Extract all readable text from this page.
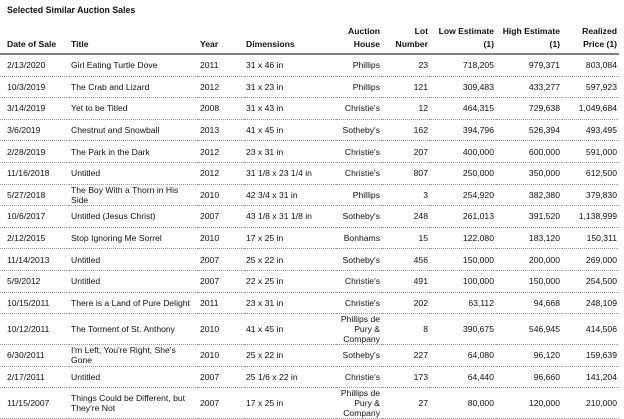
Selected Similar Auction Sales
Date of Sale	Title	Year	Dimensions	Auction House	Lot Number	Low Estimate (1)	High Estimate (1)	Realized Price (1)
2/13/2020	Girl Eating Turtle Dove	2011	31 x 46 in	Phillips	23	718,205	979,371	803,084
10/3/2019	The Crab and Lizard	2012	31 x 23 in	Phillips	121	309,483	433,277	597,923
3/14/2019	Yet to be Titled	2008	31 x 43 in	Christie's	12	464,315	729,638	1,049,684
3/6/2019	Chestnut and Snowball	2013	41 x 45 in	Sotheby's	162	394,796	526,394	493,495
2/28/2019	The Park in the Dark	2012	23 x 31 in	Christie's	207	400,000	600,000	591,000
11/16/2018	Untitled	2012	31 1/8 x 23 1/4 in	Christie's	807	250,000	350,000	612,500
5/27/2018	The Boy With a Thorn in His Side	2010	42 3/4 x 31 in	Phillips	3	254,920	382,380	379,830
10/6/2017	Untitled (Jesus Christ)	2007	43 1/8 x 31 1/8 in	Sotheby's	248	261,013	391,520	1,138,999
2/12/2015	Stop Ignoring Me Sorrel	2010	17 x 25 in	Bonhams	15	122,080	183,120	150,311
11/14/2013	Untitled	2007	25 x 22 in	Sotheby's	456	150,000	200,000	269,000
5/9/2012	Untitled	2007	22 x 25 in	Christie's	491	100,000	150,000	254,500
10/15/2011	There is a Land of Pure Delight	2011	23 x 31 in	Christie's	202	63,112	94,668	248,109
10/12/2011	The Torment of St. Anthony	2010	41 x 45 in	Phillips de Pury & Company	8	390,675	546,945	414,506
6/30/2011	I'm Left, You're Right, She's Gone	2010	25 x 22 in	Sotheby's	227	64,080	96,120	159,639
2/17/2011	Untitled	2007	25 1/6 x 22 in	Christie's	173	64,440	96,660	141,204
11/15/2007	Things Could be Different, but They're Not	2007	17 x 25 in	Phillips de Pury & Company	27	80,000	120,000	210,000
